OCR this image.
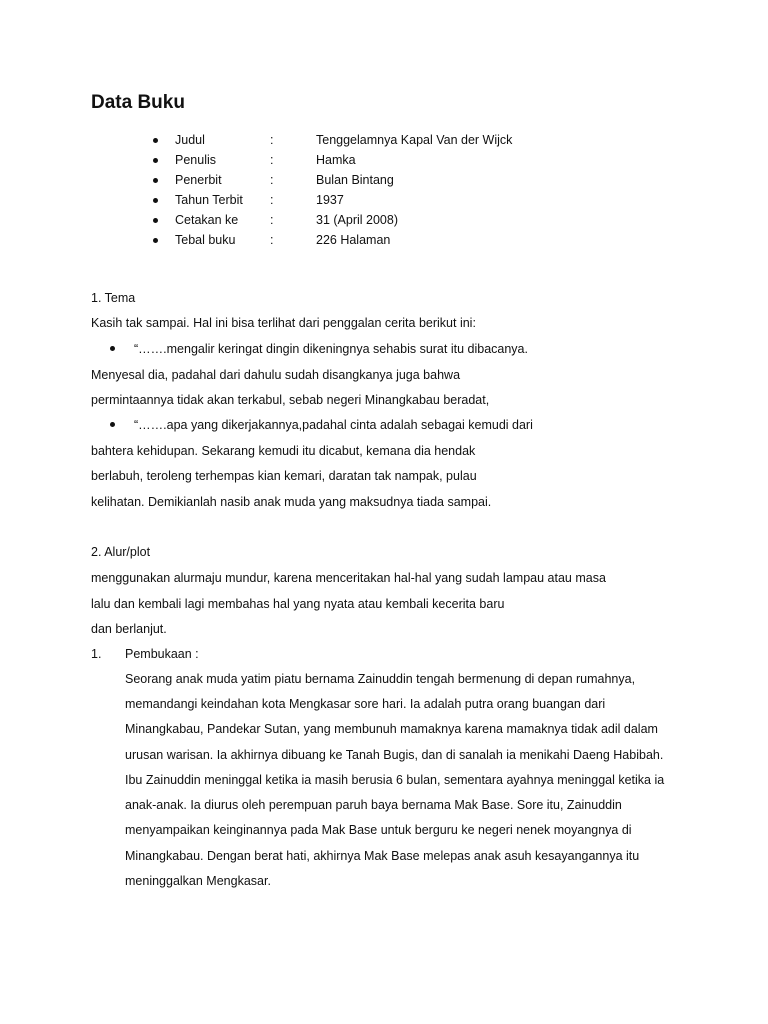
Data Buku
Judul	:	Tenggelamnya Kapal Van der Wijck
Penulis	:	Hamka
Penerbit	:	Bulan Bintang
Tahun Terbit :	1937
Cetakan ke	:	31 (April 2008)
Tebal buku	:	226 Halaman
1. Tema
Kasih tak sampai. Hal ini bisa terlihat dari penggalan cerita berikut ini:
“…….mengalir keringat dingin dikeningnya sehabis surat itu dibacanya.
Menyesal dia, padahal dari dahulu sudah disangkanya juga bahwa
permintaannya tidak akan terkabul, sebab negeri Minangkabau beradat,
“…….apa yang dikerjakannya,padahal cinta adalah sebagai kemudi dari
bahtera kehidupan. Sekarang kemudi itu dicabut, kemana dia hendak
berlabuh, teroleng terhempas kian kemari, daratan tak nampak, pulau
kelihatan. Demikianlah nasib anak muda yang maksudnya tiada sampai.
2. Alur/plot
menggunakan alurmaju mundur, karena menceritakan hal-hal yang sudah lampau atau masa
lalu dan kembali lagi membahas hal yang nyata atau kembali kecerita baru
dan berlanjut.
1. Pembukaan :
Seorang anak muda yatim piatu bernama Zainuddin tengah bermenung di depan rumahnya,
memandangi keindahan kota Mengkasar sore hari. Ia adalah putra orang buangan dari
Minangkabau, Pandekar Sutan, yang membunuh mamaknya karena mamaknya tidak adil dalam
urusan warisan. Ia akhirnya dibuang ke Tanah Bugis, dan di sanalah ia menikahi Daeng Habibah.
Ibu Zainuddin meninggal ketika ia masih berusia 6 bulan, sementara ayahnya meninggal ketika ia
anak-anak. Ia diurus oleh perempuan paruh baya bernama Mak Base. Sore itu, Zainuddin
menyampaikan keinginannya pada Mak Base untuk berguru ke negeri nenek moyangnya di
Minangkabau. Dengan berat hati, akhirnya Mak Base melepas anak asuh kesayangannya itu
meninggalkan Mengkasar.
